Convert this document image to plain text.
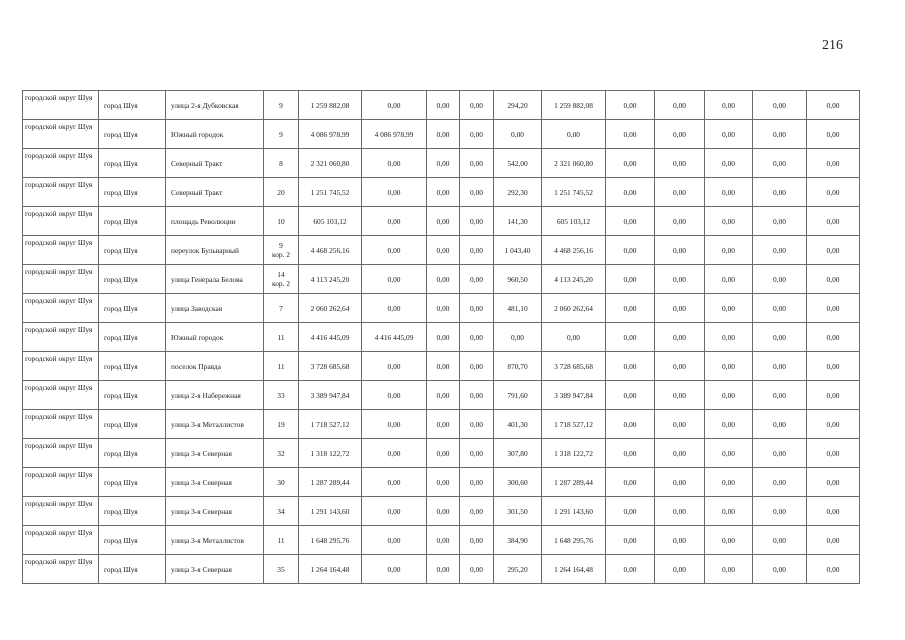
216
городской округ Шуя	город Шуя	улица 2-я Дубковская	9	1 259 882,08	0,00	0,00	0,00	294,20	1 259 882,08	0,00	0,00	0,00	0,00	0,00
городской округ Шуя	город Шуя	Южный городок	9	4 086 978,99	4 086 978,99	0,00	0,00	0,00	0,00	0,00	0,00	0,00	0,00	0,00
городской округ Шуя	город Шуя	Северный Тракт	8	2 321 060,80	0,00	0,00	0,00	542,00	2 321 060,80	0,00	0,00	0,00	0,00	0,00
городской округ Шуя	город Шуя	Северный Тракт	20	1 251 745,52	0,00	0,00	0,00	292,30	1 251 745,52	0,00	0,00	0,00	0,00	0,00
городской округ Шуя	город Шуя	площадь Революции	10	605 103,12	0,00	0,00	0,00	141,30	605 103,12	0,00	0,00	0,00	0,00	0,00
городской округ Шуя	город Шуя	переулок Бульварный	9
кор. 2	4 468 256,16	0,00	0,00	0,00	1 043,40	4 468 256,16	0,00	0,00	0,00	0,00	0,00
городской округ Шуя	город Шуя	улица Генерала Белова	14
кор. 2	4 113 245,20	0,00	0,00	0,00	960,50	4 113 245,20	0,00	0,00	0,00	0,00	0,00
городской округ Шуя	город Шуя	улица Заводская	7	2 060 262,64	0,00	0,00	0,00	481,10	2 060 262,64	0,00	0,00	0,00	0,00	0,00
городской округ Шуя	город Шуя	Южный городок	11	4 416 445,09	4 416 445,09	0,00	0,00	0,00	0,00	0,00	0,00	0,00	0,00	0,00
городской округ Шуя	город Шуя	поселок Правда	11	3 728 685,68	0,00	0,00	0,00	870,70	3 728 685,68	0,00	0,00	0,00	0,00	0,00
городской округ Шуя	город Шуя	улица 2-я Набережная	33	3 389 947,84	0,00	0,00	0,00	791,60	3 389 947,84	0,00	0,00	0,00	0,00	0,00
городской округ Шуя	город Шуя	улица 3-я Металлистов	19	1 718 527,12	0,00	0,00	0,00	401,30	1 718 527,12	0,00	0,00	0,00	0,00	0,00
городской округ Шуя	город Шуя	улица 3-я Северная	32	1 318 122,72	0,00	0,00	0,00	307,80	1 318 122,72	0,00	0,00	0,00	0,00	0,00
городской округ Шуя	город Шуя	улица 3-я Северная	30	1 287 289,44	0,00	0,00	0,00	300,60	1 287 289,44	0,00	0,00	0,00	0,00	0,00
городской округ Шуя	город Шуя	улица 3-я Северная	34	1 291 143,60	0,00	0,00	0,00	301,50	1 291 143,60	0,00	0,00	0,00	0,00	0,00
городской округ Шуя	город Шуя	улица 3-я Металлистов	11	1 648 295,76	0,00	0,00	0,00	384,90	1 648 295,76	0,00	0,00	0,00	0,00	0,00
городской округ Шуя	город Шуя	улица 3-я Северная	35	1 264 164,48	0,00	0,00	0,00	295,20	1 264 164,48	0,00	0,00	0,00	0,00	0,00
